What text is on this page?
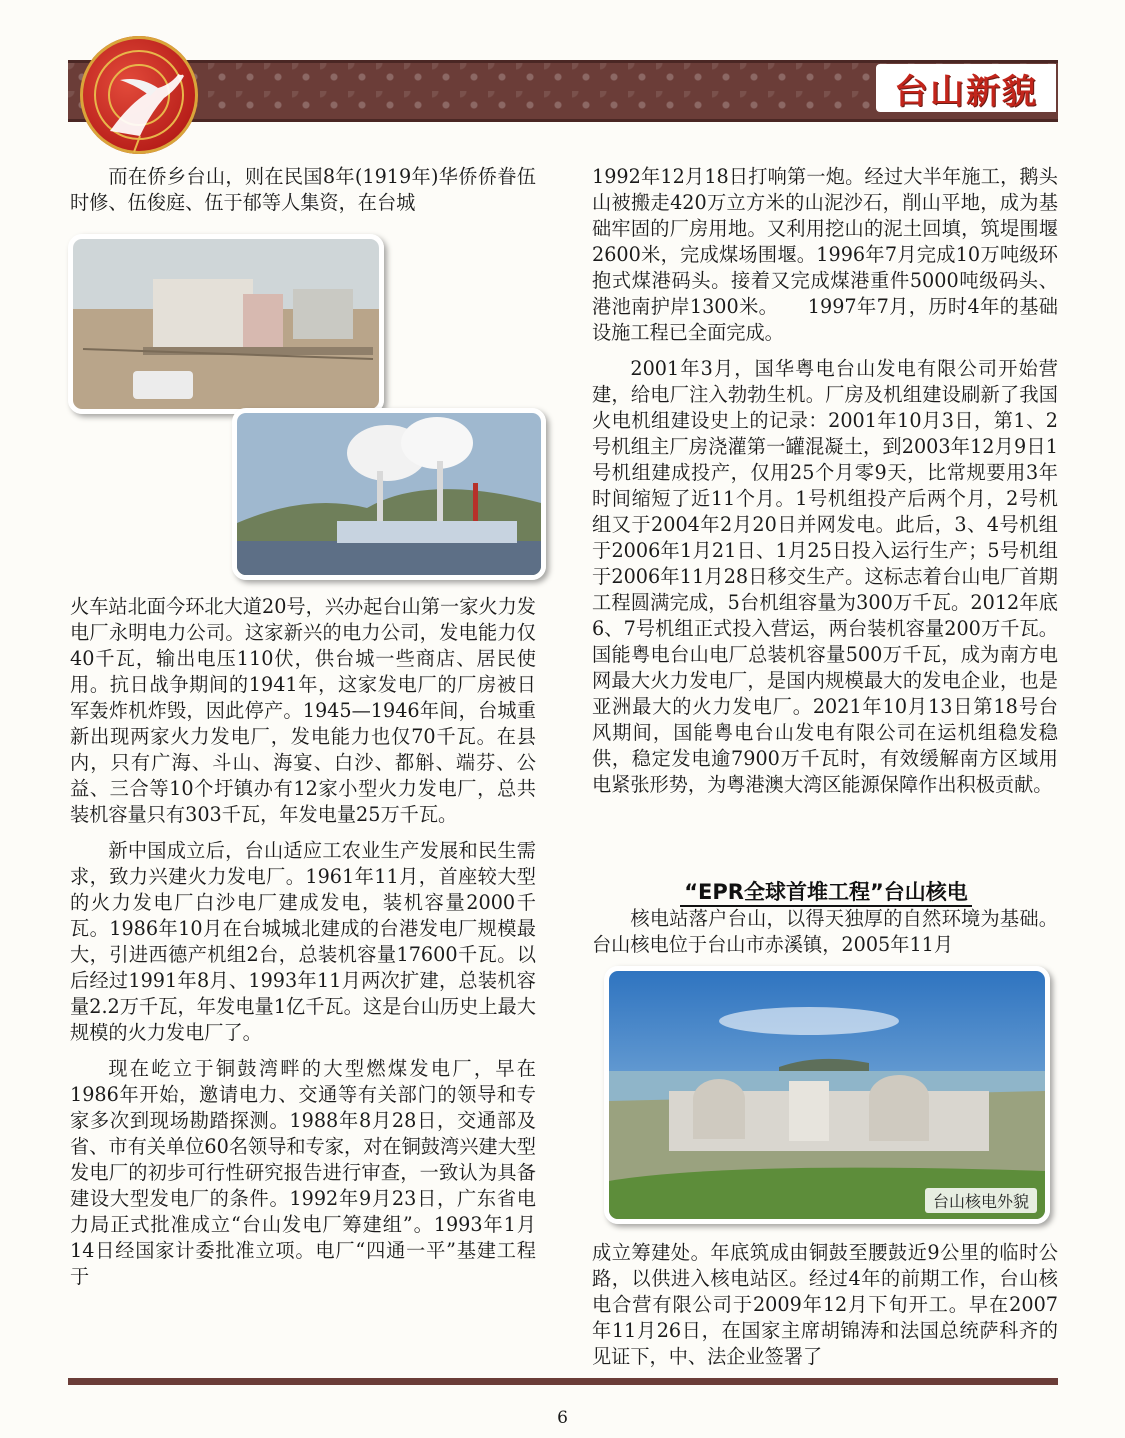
台山新貌

而在侨乡台山，则在民国8年(1919年)华侨侨眷伍时修、伍俊庭、伍于郁等人集资，在台城

火车站北面今环北大道20号，兴办起台山第一家火力发电厂永明电力公司。这家新兴的电力公司，发电能力仅40千瓦，输出电压110伏，供台城一些商店、居民使用。抗日战争期间的1941年，这家发电厂的厂房被日军轰炸机炸毁，因此停产。1945—1946年间，台城重新出现两家火力发电厂，发电能力也仅70千瓦。在县内，只有广海、斗山、海宴、白沙、都斛、端芬、公益、三合等10个圩镇办有12家小型火力发电厂，总共装机容量只有303千瓦，年发电量25万千瓦。

新中国成立后，台山适应工农业生产发展和民生需求，致力兴建火力发电厂。1961年11月，首座较大型的火力发电厂白沙电厂建成发电，装机容量2000千瓦。1986年10月在台城城北建成的台港发电厂规模最大，引进西德产机组2台，总装机容量17600千瓦。以后经过1991年8月、1993年11月两次扩建，总装机容量2.2万千瓦，年发电量1亿千瓦。这是台山历史上最大规模的火力发电厂了。

现在屹立于铜鼓湾畔的大型燃煤发电厂，早在1986年开始，邀请电力、交通等有关部门的领导和专家多次到现场勘踏探测。1988年8月28日，交通部及省、市有关单位60名领导和专家，对在铜鼓湾兴建大型发电厂的初步可行性研究报告进行审查，一致认为具备建设大型发电厂的条件。1992年9月23日，广东省电力局正式批准成立“台山发电厂筹建组”。1993年1月14日经国家计委批准立项。电厂“四通一平”基建工程于

1992年12月18日打响第一炮。经过大半年施工，鹅头山被搬走420万立方米的山泥沙石，削山平地，成为基础牢固的厂房用地。又利用挖山的泥土回填，筑堤围堰2600米，完成煤场围堰。1996年7月完成10万吨级环抱式煤港码头。接着又完成煤港重件5000吨级码头、港池南护岸1300米。　　1997年7月，历时4年的基础设施工程已全面完成。

2001年3月，国华粤电台山发电有限公司开始营建，给电厂注入勃勃生机。厂房及机组建设刷新了我国火电机组建设史上的记录：2001年10月3日，第1、2号机组主厂房浇灌第一罐混凝土，到2003年12月9日1号机组建成投产，仅用25个月零9天，比常规要用3年时间缩短了近11个月。1号机组投产后两个月，2号机组又于2004年2月20日并网发电。此后，3、4号机组于2006年1月21日、1月25日投入运行生产；5号机组于2006年11月28日移交生产。这标志着台山电厂首期工程圆满完成，5台机组容量为300万千瓦。2012年底6、7号机组正式投入营运，两台装机容量200万千瓦。国能粤电台山电厂总装机容量500万千瓦，成为南方电网最大火力发电厂，是国内规模最大的发电企业，也是亚洲最大的火力发电厂。2021年10月13日第18号台风期间，国能粤电台山发电有限公司在运机组稳发稳供，稳定发电逾7900万千瓦时，有效缓解南方区域用电紧张形势，为粤港澳大湾区能源保障作出积极贡献。

“EPR全球首堆工程”台山核电

核电站落户台山，以得天独厚的自然环境为基础。台山核电位于台山市赤溪镇，2005年11月

台山核电外貌

成立筹建处。年底筑成由铜鼓至腰鼓近9公里的临时公路，以供进入核电站区。经过4年的前期工作，台山核电合营有限公司于2009年12月下旬开工。早在2007年11月26日，在国家主席胡锦涛和法国总统萨科齐的见证下，中、法企业签署了

6
